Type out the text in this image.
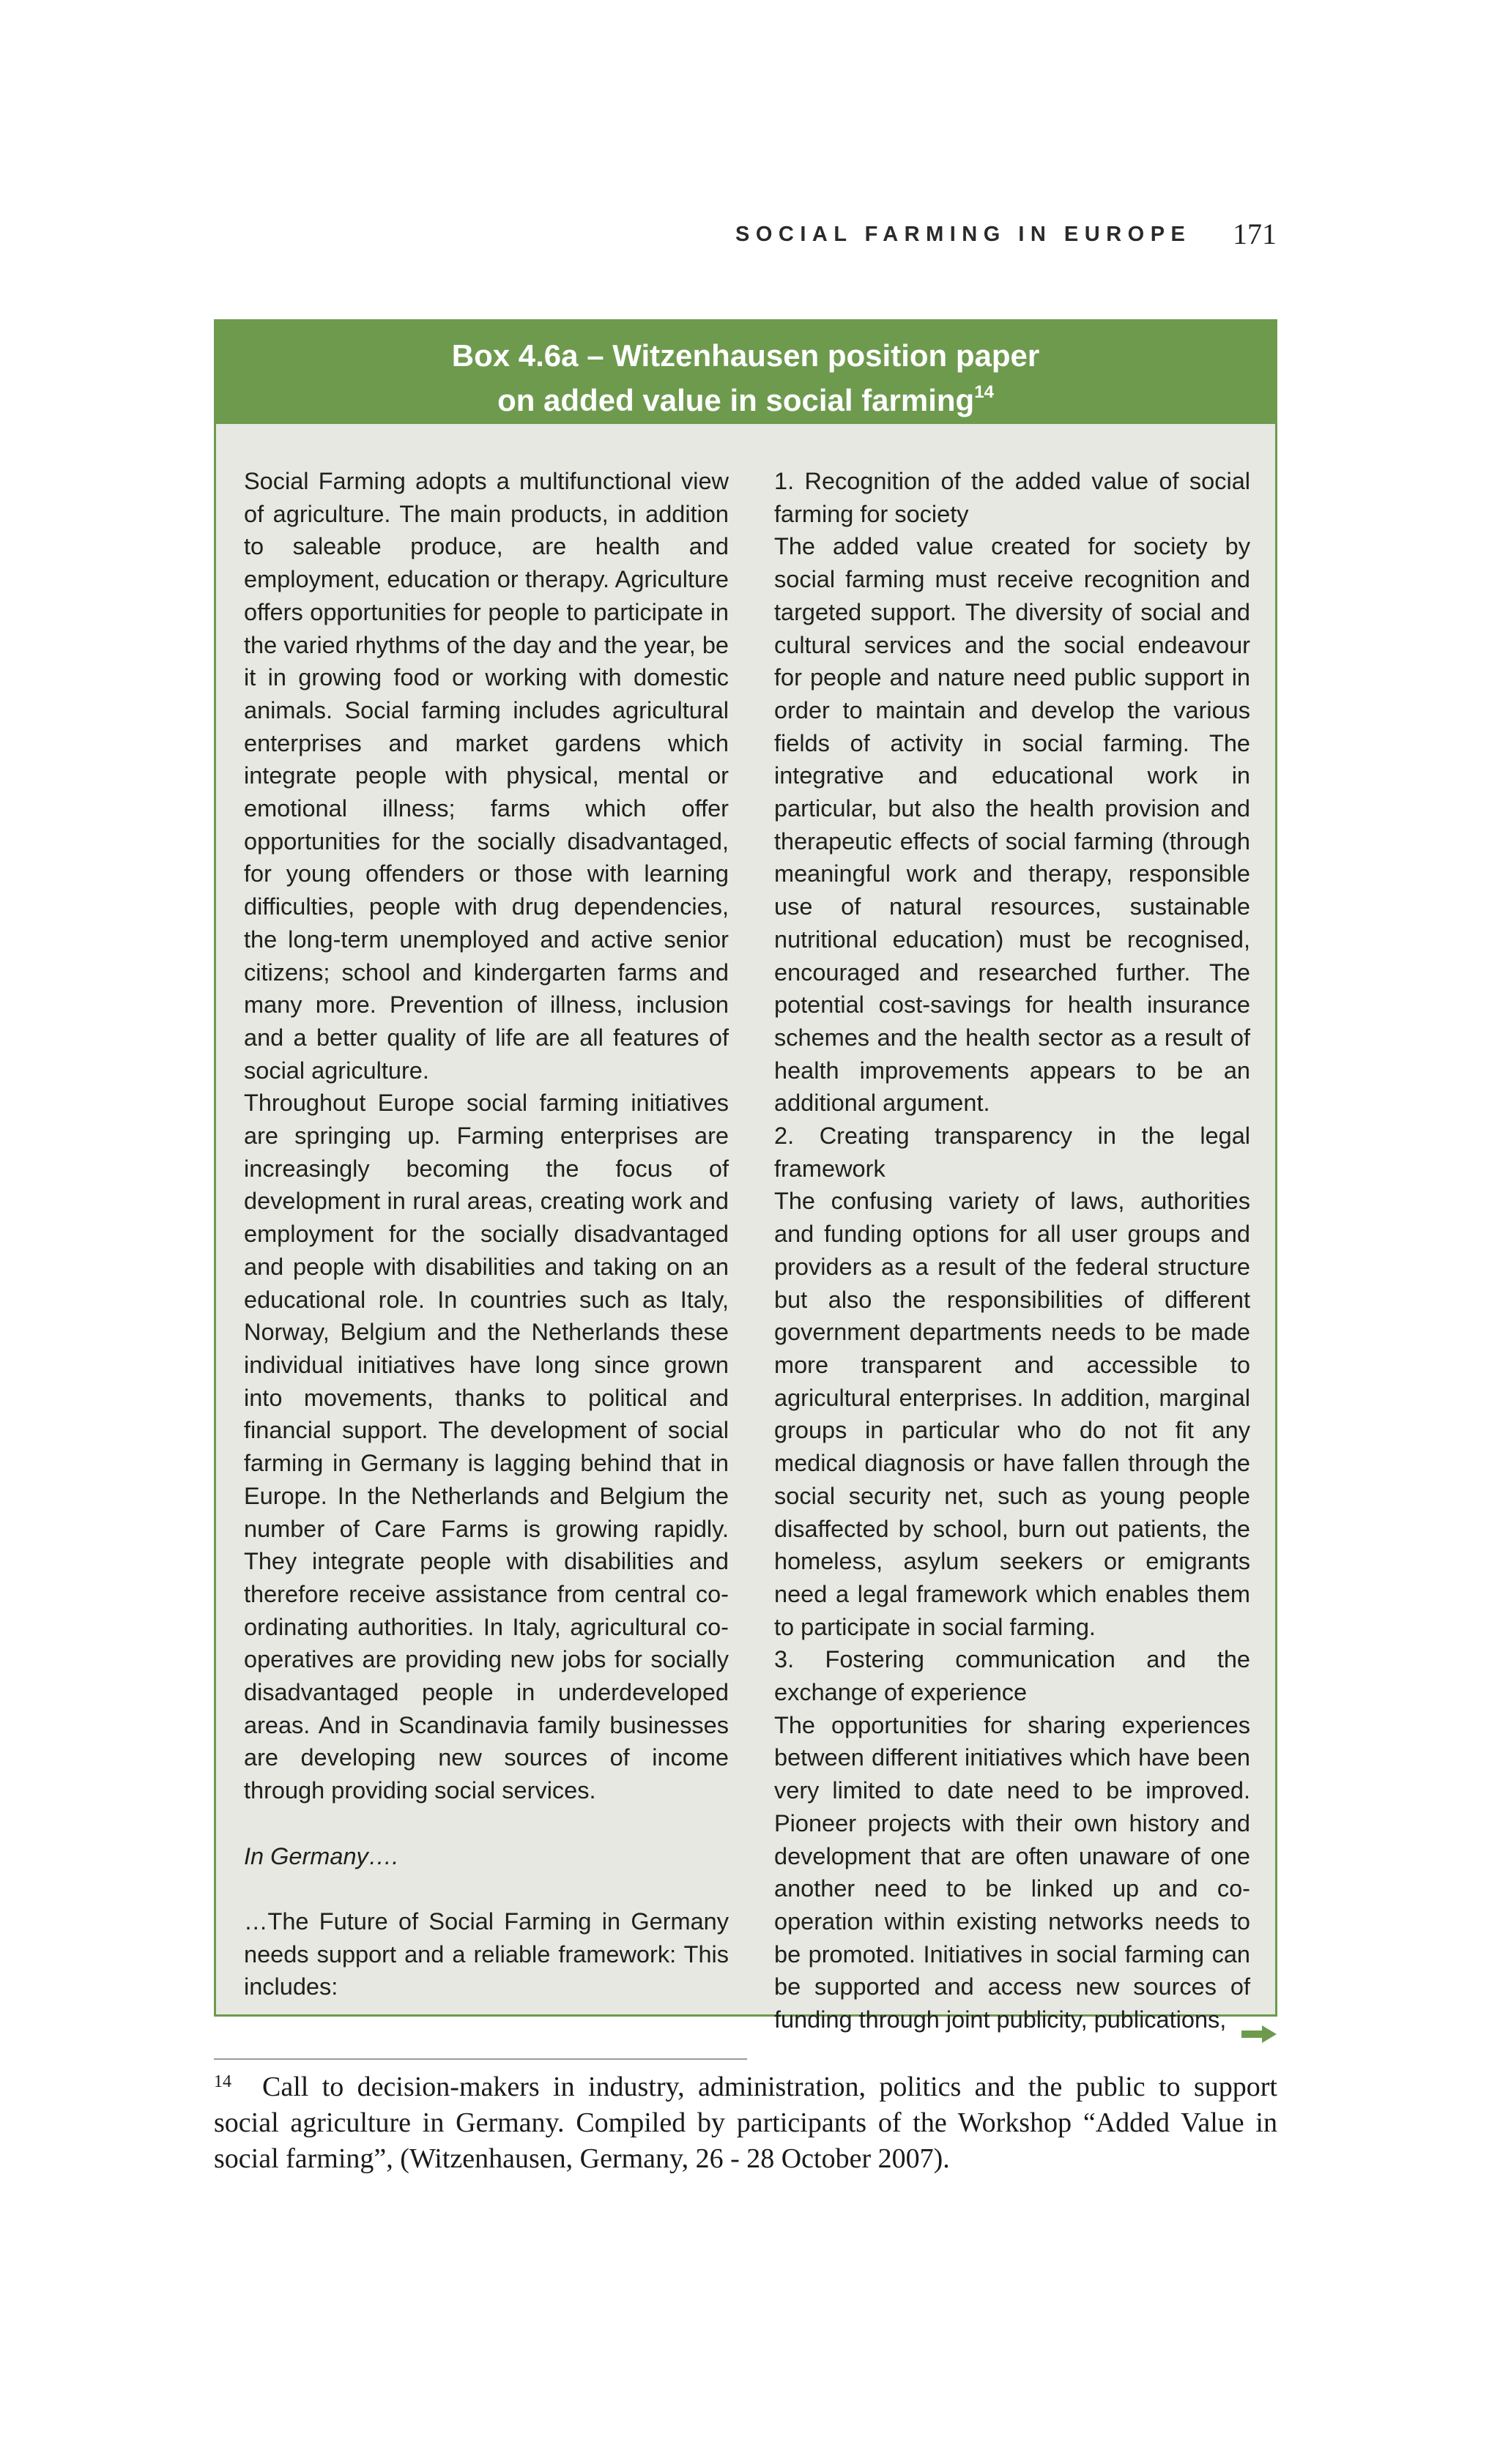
SOCIAL FARMING IN EUROPE 171
Box 4.6a – Witzenhausen position paper
on added value in social farming$^{14}$

Social Farming adopts a multifunctional view of agriculture. The main products, in addition to saleable produce, are health and employment, education or therapy. Agriculture offers opportunities for people to participate in the varied rhythms of the day and the year, be it in growing food or working with domestic animals. Social farming includes agricultural enterprises and market gardens which integrate people with physical, mental or emotional illness; farms which offer opportunities for the socially disadvantaged, for young offenders or those with learning difficulties, people with drug dependencies, the long-term unemployed and active senior citizens; school and kindergarten farms and many more. Prevention of illness, inclusion and a better quality of life are all features of social agriculture.

Throughout Europe social farming initiatives are springing up. Farming enterprises are increasingly becoming the focus of development in rural areas, creating work and employment for the socially disadvantaged and people with disabilities and taking on an educational role. In countries such as Italy, Norway, Belgium and the Netherlands these individual initiatives have long since grown into movements, thanks to political and financial support. The development of social farming in Germany is lagging behind that in Europe. In the Netherlands and Belgium the number of Care Farms is growing rapidly. They integrate people with disabilities and therefore receive assistance from central co-ordinating authorities. In Italy, agricultural co-operatives are providing new jobs for socially disadvantaged people in underdeveloped areas. And in Scandinavia family businesses are developing new sources of income through providing social services.

In Germany….

…The Future of Social Farming in Germany needs support and a reliable framework: This includes:

1. Recognition of the added value of social farming for society

The added value created for society by social farming must receive recognition and targeted support. The diversity of social and cultural services and the social endeavour for people and nature need public support in order to maintain and develop the various fields of activity in social farming. The integrative and educational work in particular, but also the health provision and therapeutic effects of social farming (through meaningful work and therapy, responsible use of natural resources, sustainable nutritional education) must be recognised, encouraged and researched further. The potential cost-savings for health insurance schemes and the health sector as a result of health improvements appears to be an additional argument.

2. Creating transparency in the legal framework

The confusing variety of laws, authorities and funding options for all user groups and providers as a result of the federal structure but also the responsibilities of different government departments needs to be made more transparent and accessible to agricultural enterprises. In addition, marginal groups in particular who do not fit any medical diagnosis or have fallen through the social security net, such as young people disaffected by school, burn out patients, the homeless, asylum seekers or emigrants need a legal framework which enables them to participate in social farming.

3. Fostering communication and the exchange of experience

The opportunities for sharing experiences between different initiatives which have been very limited to date need to be improved. Pioneer projects with their own history and development that are often unaware of one another need to be linked up and co-operation within existing networks needs to be promoted. Initiatives in social farming can be supported and access new sources of funding through joint publicity, publications,

$^{14}$ Call to decision-makers in industry, administration, politics and the public to support social agriculture in Germany. Compiled by participants of the Workshop “Added Value in social farming”, (Witzenhausen, Germany, 26 - 28 October 2007).
